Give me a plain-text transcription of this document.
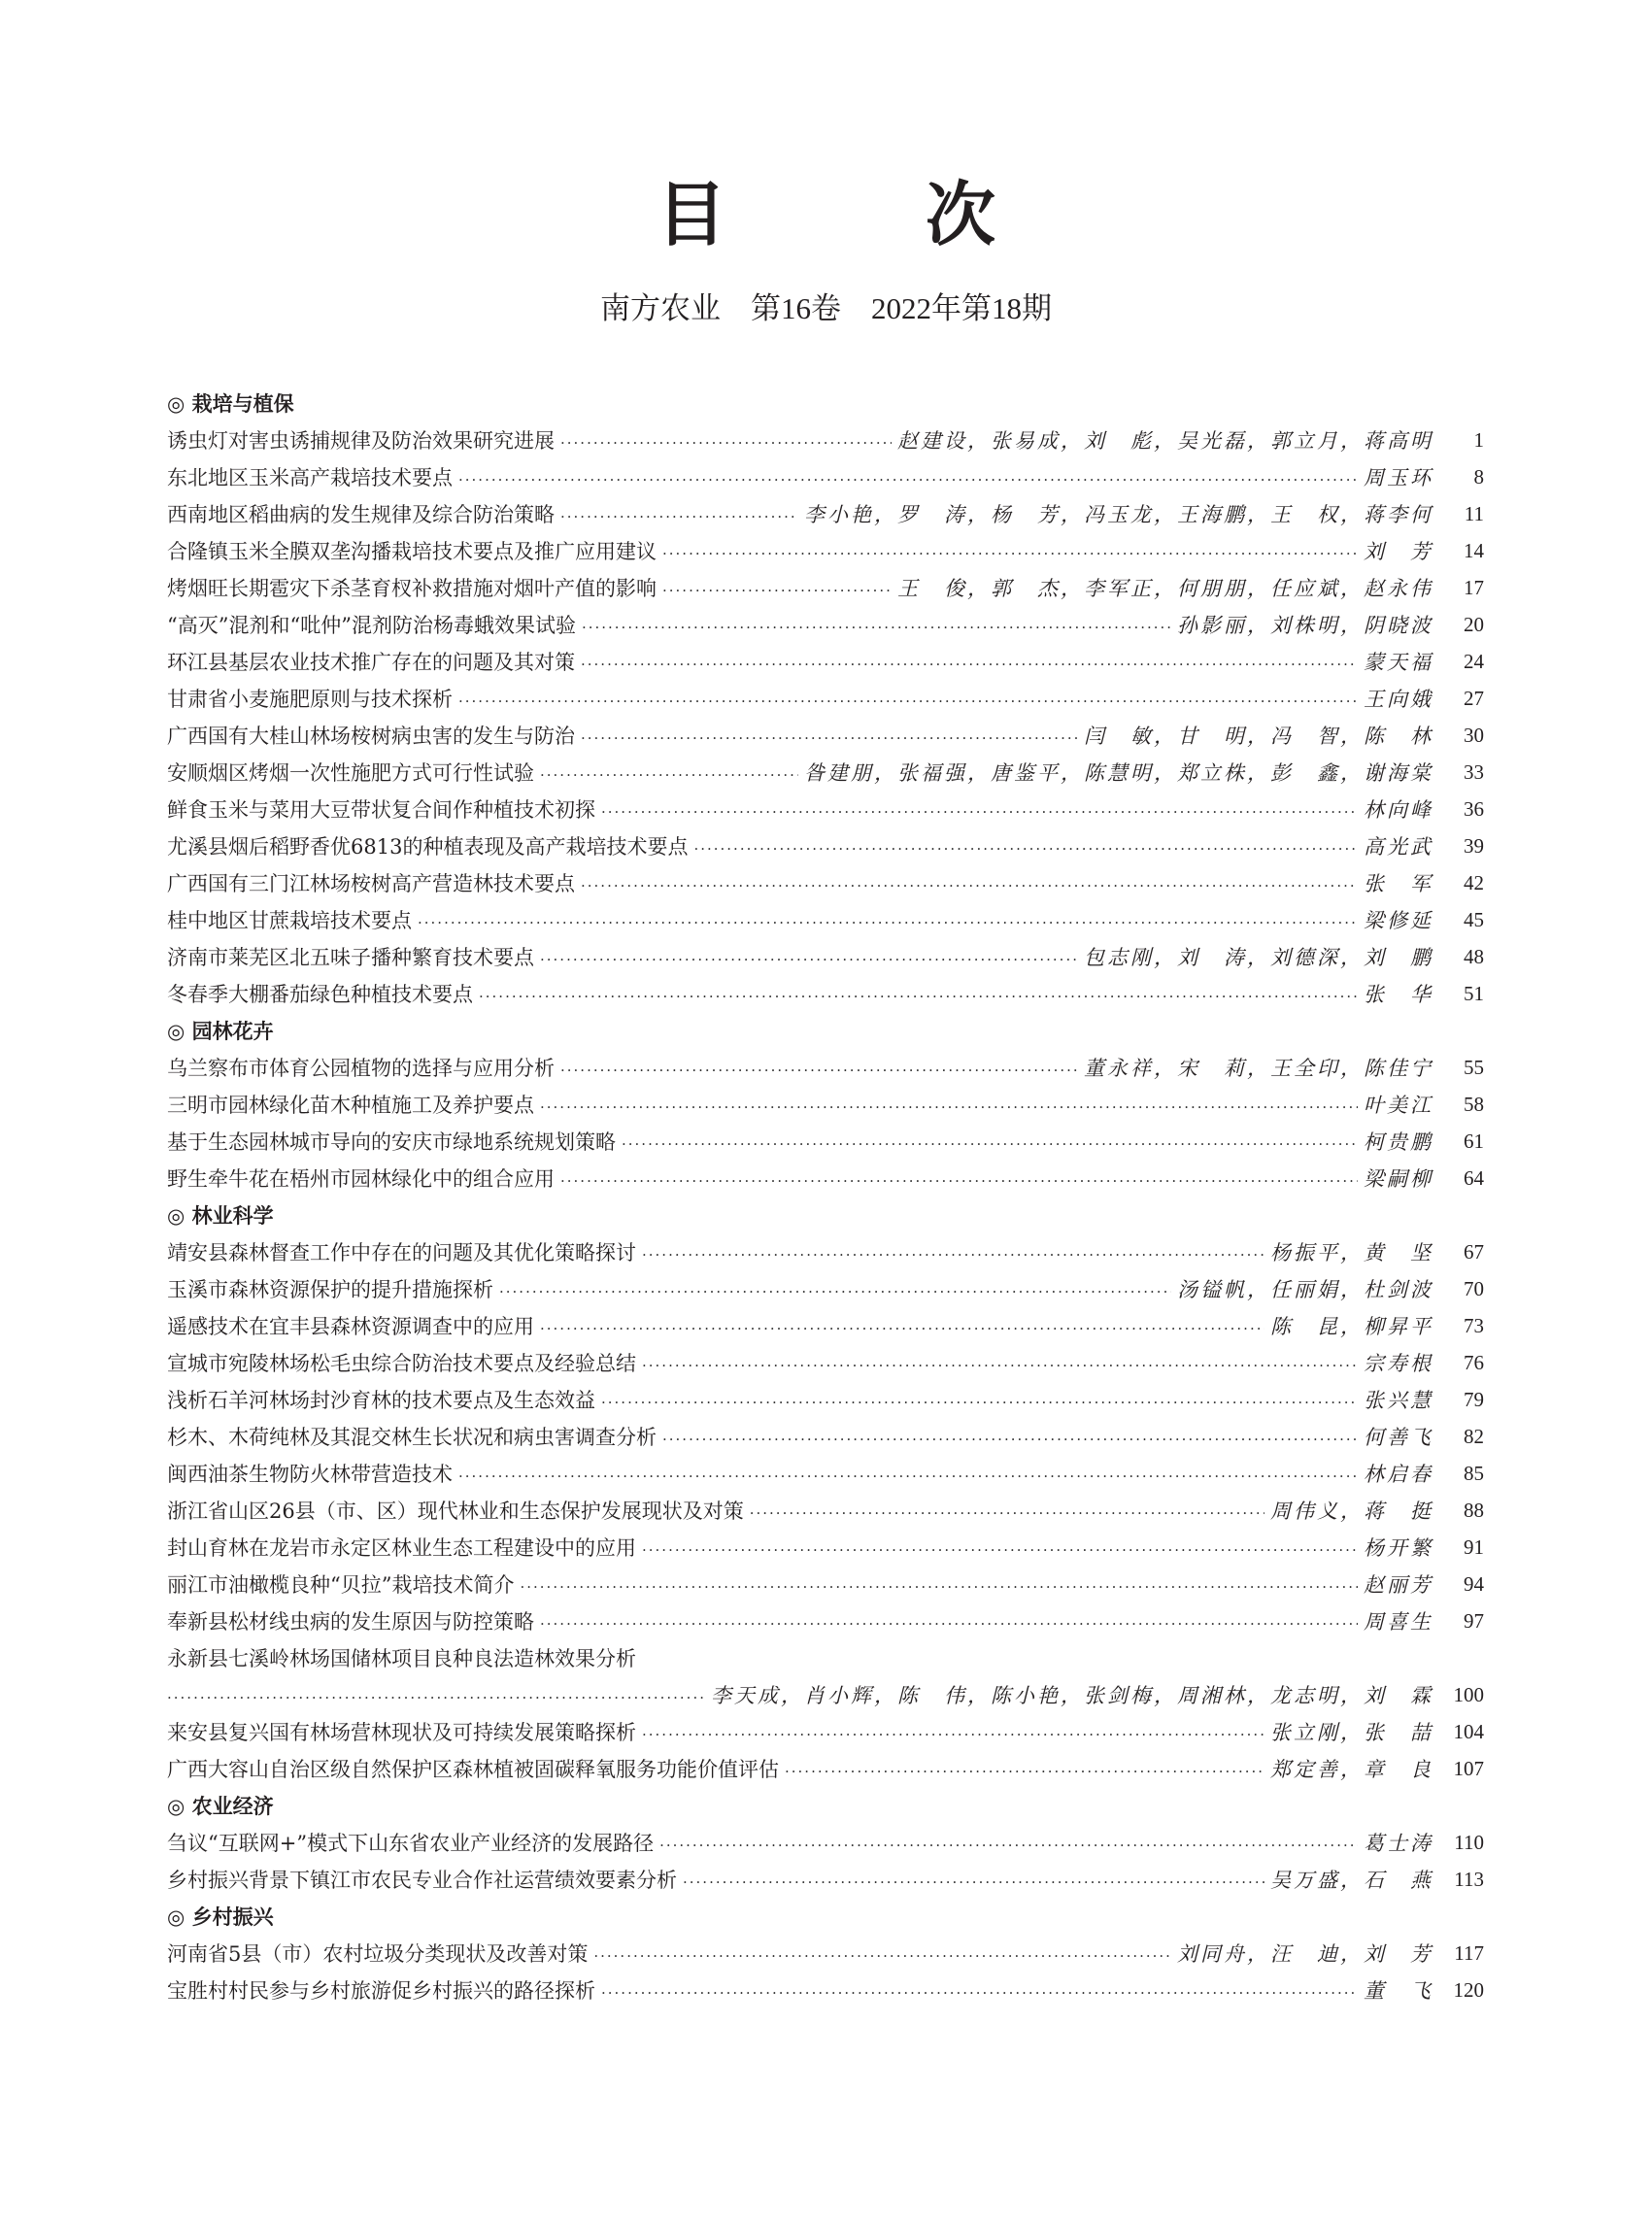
目 次
南方农业　第16卷　2022年第18期
◎ 栽培与植保
诱虫灯对害虫诱捕规律及防治效果研究进展 ·····	赵建设，张易成，刘　彪，吴光磊，郭立月，蒋高明	1
东北地区玉米高产栽培技术要点 ·····	周玉环	8
西南地区稻曲病的发生规律及综合防治策略 ·····	李小艳，罗　涛，杨　芳，冯玉龙，王海鹏，王　权，蒋李何	11
合隆镇玉米全膜双垄沟播栽培技术要点及推广应用建议 ·····	刘　芳	14
烤烟旺长期雹灾下杀茎育杈补救措施对烟叶产值的影响 ·····	王　俊，郭　杰，李军正，何朋朋，任应斌，赵永伟	17
“高灭”混剂和“吡仲”混剂防治杨毒蛾效果试验 ·····	孙影丽，刘株明，阴晓波	20
环江县基层农业技术推广存在的问题及其对策 ·····	蒙天福	24
甘肃省小麦施肥原则与技术探析 ·····	王向娥	27
广西国有大桂山林场桉树病虫害的发生与防治 ·····	闫　敏，甘　明，冯　智，陈　林	30
安顺烟区烤烟一次性施肥方式可行性试验 ·····	昝建朋，张福强，唐鉴平，陈慧明，郑立株，彭　鑫，谢海棠	33
鲜食玉米与菜用大豆带状复合间作种植技术初探 ·····	林向峰	36
尤溪县烟后稻野香优6813的种植表现及高产栽培技术要点 ·····	高光武	39
广西国有三门江林场桉树高产营造林技术要点 ·····	张　军	42
桂中地区甘蔗栽培技术要点 ·····	梁修延	45
济南市莱芜区北五味子播种繁育技术要点 ·····	包志刚，刘　涛，刘德深，刘　鹏	48
冬春季大棚番茄绿色种植技术要点 ·····	张　华	51
◎ 园林花卉
乌兰察布市体育公园植物的选择与应用分析 ·····	董永祥，宋　莉，王全印，陈佳宁	55
三明市园林绿化苗木种植施工及养护要点 ·····	叶美江	58
基于生态园林城市导向的安庆市绿地系统规划策略 ·····	柯贵鹏	61
野生牵牛花在梧州市园林绿化中的组合应用 ·····	梁嗣柳	64
◎ 林业科学
靖安县森林督查工作中存在的问题及其优化策略探讨 ·····	杨振平，黄　坚	67
玉溪市森林资源保护的提升措施探析 ·····	汤镒帆，任丽娟，杜剑波	70
遥感技术在宜丰县森林资源调查中的应用 ·····	陈　昆，柳昇平	73
宣城市宛陵林场松毛虫综合防治技术要点及经验总结 ·····	宗寿根	76
浅析石羊河林场封沙育林的技术要点及生态效益 ·····	张兴慧	79
杉木、木荷纯林及其混交林生长状况和病虫害调查分析 ·····	何善飞	82
闽西油茶生物防火林带营造技术 ·····	林启春	85
浙江省山区26县（市、区）现代林业和生态保护发展现状及对策 ·····	周伟义，蒋　挺	88
封山育林在龙岩市永定区林业生态工程建设中的应用 ·····	杨开繁	91
丽江市油橄榄良种“贝拉”栽培技术简介 ·····	赵丽芳	94
奉新县松材线虫病的发生原因与防控策略 ·····	周喜生	97
永新县七溪岭林场国储林项目良种良法造林效果分析
·····
李天成，肖小辉，陈　伟，陈小艳，张剑梅，周湘林，龙志明，刘　霖 100
来安县复兴国有林场营林现状及可持续发展策略探析 ·····	张立刚，张　喆 104
广西大容山自治区级自然保护区森林植被固碳释氧服务功能价值评估 ·····	郑定善，章　良 107
◎ 农业经济
刍议“互联网+”模式下山东省农业产业经济的发展路径 ·····	葛士涛	110
乡村振兴背景下镇江市农民专业合作社运营绩效要素分析 ·····	吴万盛，石　燕	113
◎ 乡村振兴
河南省5县（市）农村垃圾分类现状及改善对策 ·····	刘同舟，汪　迪，刘　芳	117
宝胜村村民参与乡村旅游促乡村振兴的路径探析 ·····	董　飞 120
